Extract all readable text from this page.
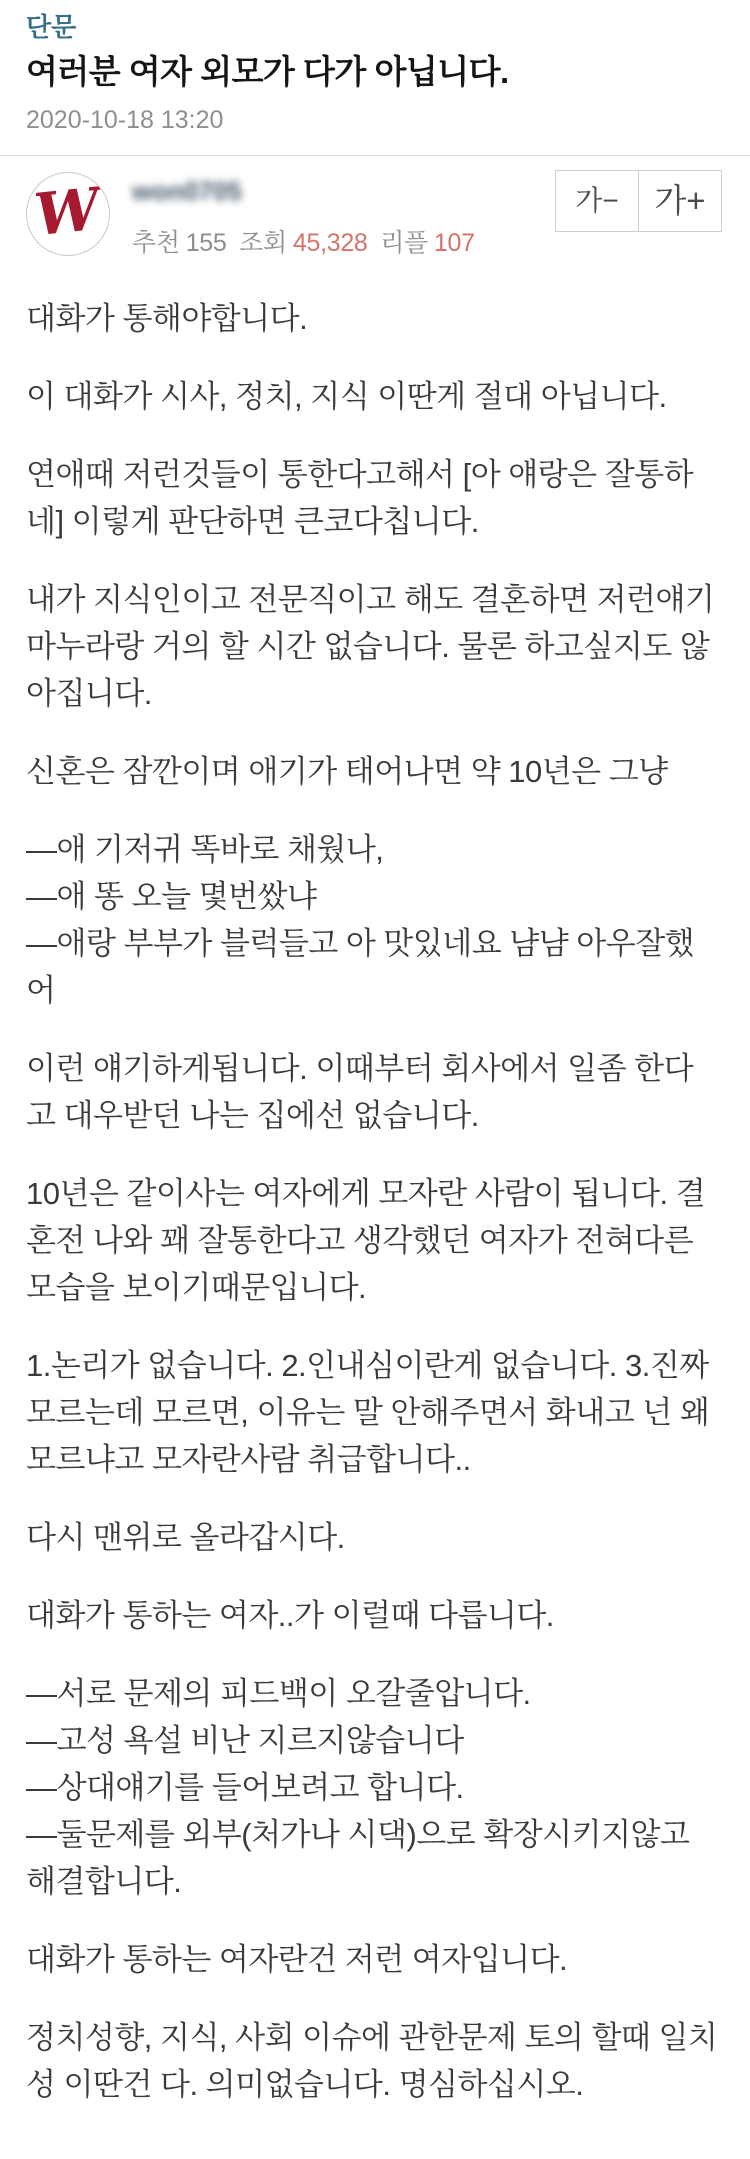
단문
여러분 여자 외모가 다가 아닙니다.
2020-10-18 13:20
W won0705
추천 155 조회 45,328 리플 107
가−	가+

대화가 통해야합니다.

이 대화가 시사, 정치, 지식 이딴게 절대 아닙니다.

연애때 저런것들이 통한다고해서 [아 얘랑은 잘통하네] 이렇게 판단하면 큰코다칩니다.

내가 지식인이고 전문직이고 해도 결혼하면 저런얘기 마누라랑 거의 할 시간 없습니다. 물론 하고싶지도 않아집니다.

신혼은 잠깐이며 애기가 태어나면 약 10년은 그냥

—애 기저귀 똑바로 채웠나,

—애 똥 오늘 몇번쌌냐

—애랑 부부가 블럭들고 아 맛있네요 냠냠 아우잘했어

이런 얘기하게됩니다. 이때부터 회사에서 일좀 한다고 대우받던 나는 집에선 없습니다.

10년은 같이사는 여자에게 모자란 사람이 됩니다. 결혼전 나와 꽤 잘통한다고 생각했던 여자가 전혀다른모습을 보이기때문입니다.

1.논리가 없습니다. 2.인내심이란게 없습니다. 3.진짜모르는데 모르면, 이유는 말 안해주면서 화내고 넌 왜 모르냐고 모자란사람 취급합니다..

다시 맨위로 올라갑시다.

대화가 통하는 여자..가 이럴때 다릅니다.

—서로 문제의 피드백이 오갈줄압니다.

—고성 욕설 비난 지르지않습니다

—상대얘기를 들어보려고 합니다.

—둘문제를 외부(처가나 시댁)으로 확장시키지않고 해결합니다.

대화가 통하는 여자란건 저런 여자입니다.

정치성향, 지식, 사회 이슈에 관한문제 토의 할때 일치성 이딴건 다. 의미없습니다. 명심하십시오.
